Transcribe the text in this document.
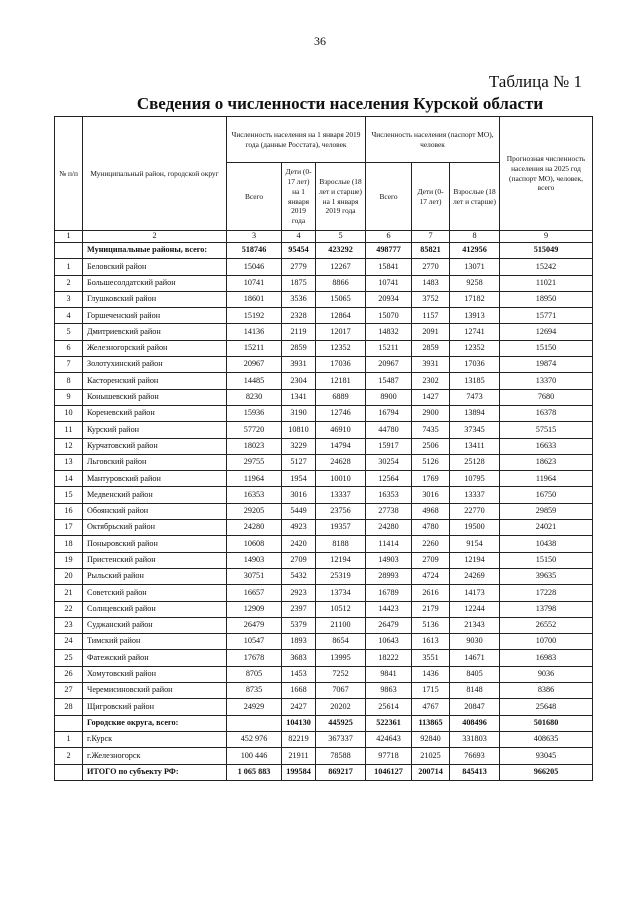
36
Таблица № 1
Сведения о численности населения Курской области
№ п/п	Муниципальный район, городской округ	Численность населения на 1 января 2019 года (данные Росстата), человек			Численность населения (паспорт МО), человек			Прогнозная численность населения на 2025 год (паспорт МО), человек, всего
		Всего	Дети (0-17 лет) на 1 января 2019 года	Взрослые (18 лет и старше) на 1 января 2019 года	Всего	Дети (0-17 лет)	Взрослые (18 лет и старше)	
1	2	3	4	5	6	7	8	9
	Муниципальные районы, всего:	518746	95454	423292	498777	85821	412956	515049
1	Беловский район	15046	2779	12267	15841	2770	13071	15242
2	Большесолдатский район	10741	1875	8866	10741	1483	9258	11021
3	Глушковский район	18601	3536	15065	20934	3752	17182	18950
4	Горшеченский район	15192	2328	12864	15070	1157	13913	15771
5	Дмитриевский район	14136	2119	12017	14832	2091	12741	12694
6	Железногорский район	15211	2859	12352	15211	2859	12352	15150
7	Золотухинский район	20967	3931	17036	20967	3931	17036	19874
8	Касторенский район	14485	2304	12181	15487	2302	13185	13370
9	Конышевский район	8230	1341	6889	8900	1427	7473	7680
10	Кореневский район	15936	3190	12746	16794	2900	13894	16378
11	Курский район	57720	10810	46910	44780	7435	37345	57515
12	Курчатовский район	18023	3229	14794	15917	2506	13411	16633
13	Льговский район	29755	5127	24628	30254	5126	25128	18623
14	Мантуровский район	11964	1954	10010	12564	1769	10795	11964
15	Медвенский район	16353	3016	13337	16353	3016	13337	16750
16	Обоянский район	29205	5449	23756	27738	4968	22770	29859
17	Октябрьский район	24280	4923	19357	24280	4780	19500	24021
18	Поныровский район	10608	2420	8188	11414	2260	9154	10438
19	Пристенский район	14903	2709	12194	14903	2709	12194	15150
20	Рыльский район	30751	5432	25319	28993	4724	24269	39635
21	Советский район	16657	2923	13734	16789	2616	14173	17228
22	Солнцевский район	12909	2397	10512	14423	2179	12244	13798
23	Суджанский район	26479	5379	21100	26479	5136	21343	26552
24	Тимский район	10547	1893	8654	10643	1613	9030	10700
25	Фатежский район	17678	3683	13995	18222	3551	14671	16983
26	Хомутовский район	8705	1453	7252	9841	1436	8405	9036
27	Черемисиновский район	8735	1668	7067	9863	1715	8148	8386
28	Щигровский район	24929	2427	20202	25614	4767	20847	25648
	Городские округа, всего:		104130	445925	522361	113865	408496	501680
1	г.Курск	452 976	82219	367337	424643	92840	331803	408635
2	г.Железногорск	100 446	21911	78588	97718	21025	76693	93045
	ИТОГО по субъекту РФ:	1 065 883	199584	869217	1046127	200714	845413	966205
